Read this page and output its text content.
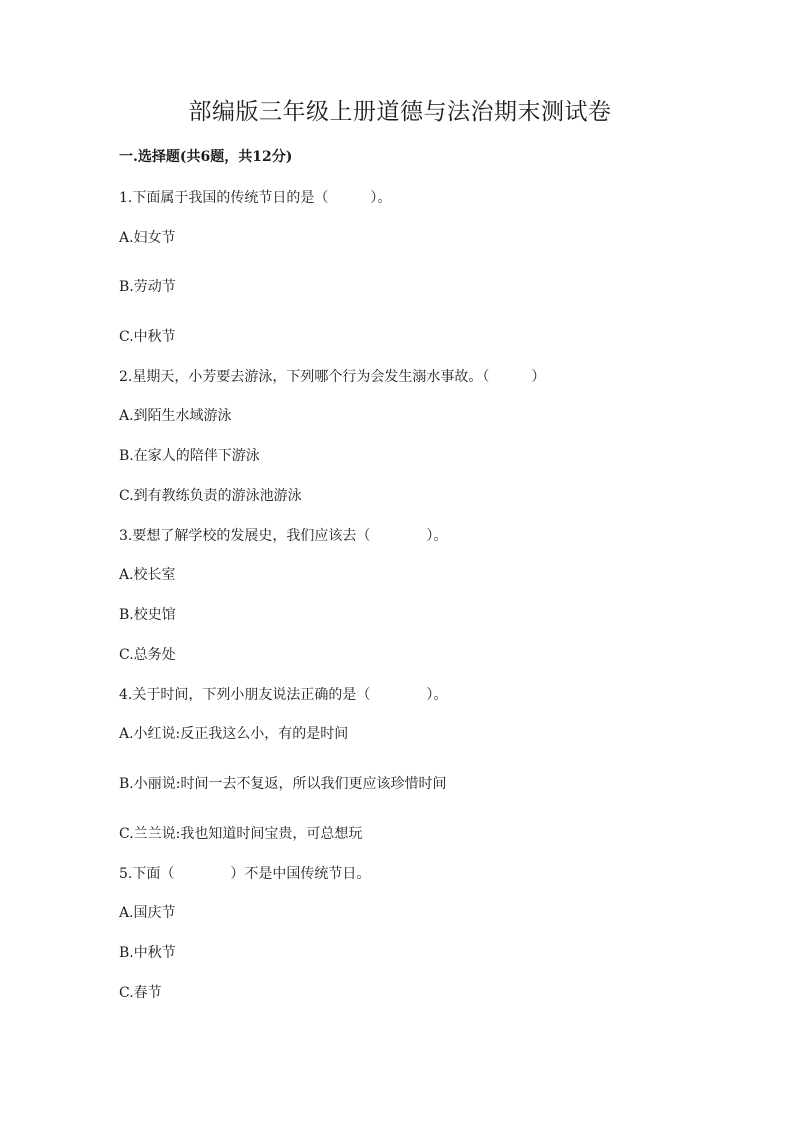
部编版三年级上册道德与法治期末测试卷
一.选择题(共6题，共12分)
1.下面属于我国的传统节日的是（　　　）。
A.妇女节
B.劳动节
C.中秋节
2.星期天，小芳要去游泳，下列哪个行为会发生溺水事故。（　　　）
A.到陌生水域游泳
B.在家人的陪伴下游泳
C.到有教练负责的游泳池游泳
3.要想了解学校的发展史，我们应该去（　　　　）。
A.校长室
B.校史馆
C.总务处
4.关于时间，下列小朋友说法正确的是（　　　　）。
A.小红说:反正我这么小，有的是时间
B.小丽说:时间一去不复返，所以我们更应该珍惜时间
C.兰兰说:我也知道时间宝贵，可总想玩
5.下面（　　　　）不是中国传统节日。
A.国庆节
B.中秋节
C.春节
